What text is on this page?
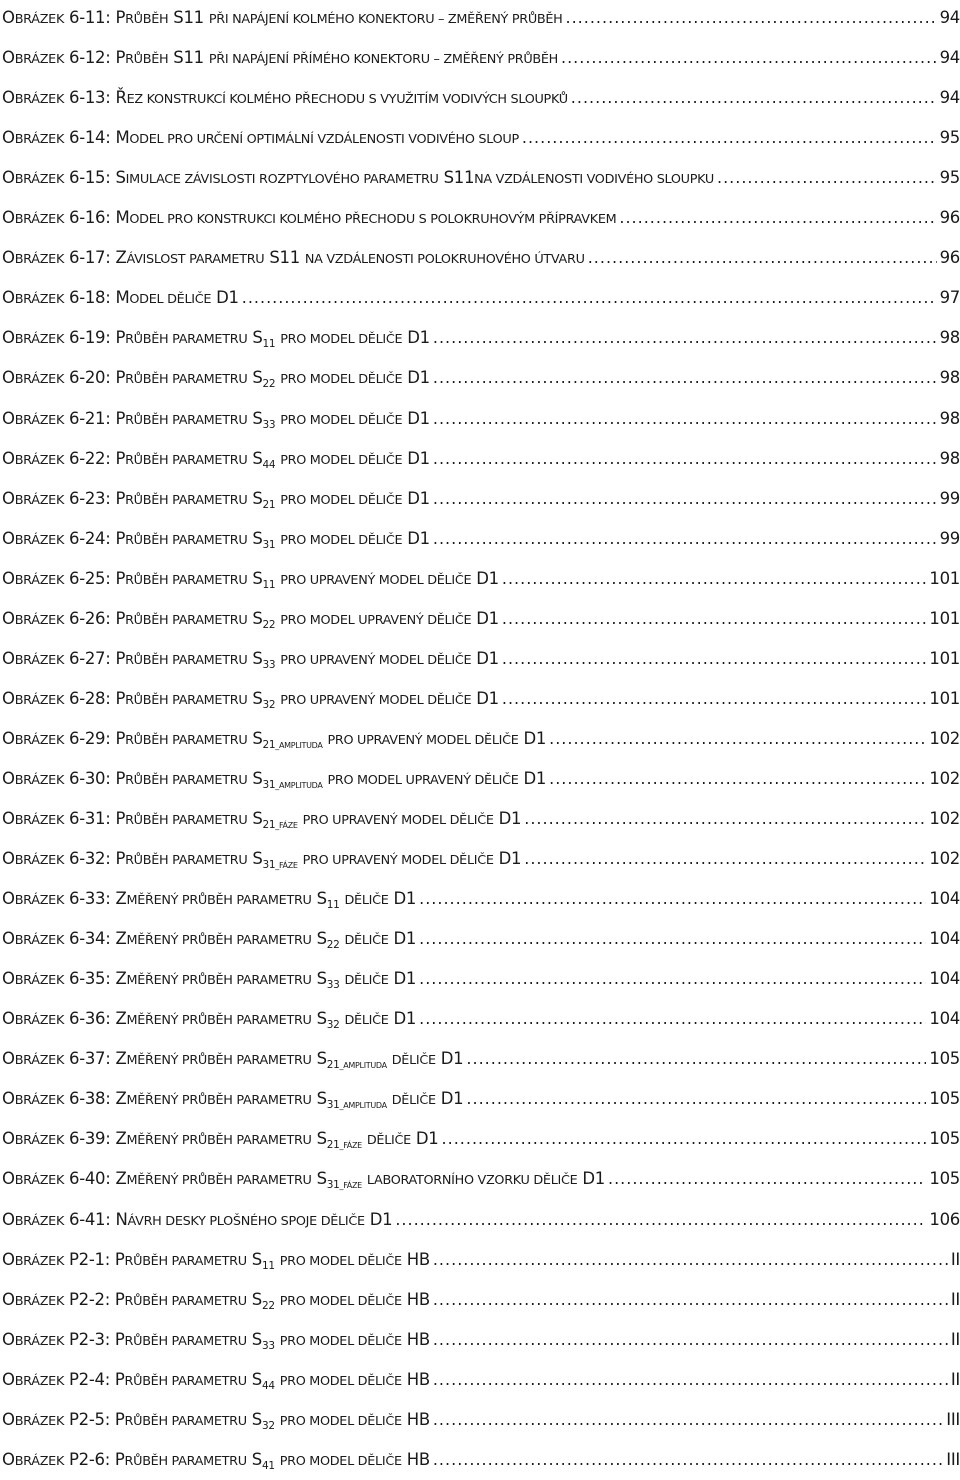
OBRÁZEK 6-11: PRŮBĚH S11 PŘI NAPÁJENÍ KOLMÉHO KONEKTORU – ZMĚŘENÝ PRŮBĚH .....	94
OBRÁZEK 6-12: PRŮBĚH S11 PŘI NAPÁJENÍ PŘÍMÉHO KONEKTORU – ZMĚŘENÝ PRŮBĚH .....	94
OBRÁZEK 6-13: ŘEZ KONSTRUKCÍ KOLMÉHO PŘECHODU S VYUŽITÍM VODIVÝCH SLOUPKŮ .....	94
OBRÁZEK 6-14: MODEL PRO URČENÍ OPTIMÁLNÍ VZDÁLENOSTI VODIVÉHO SLOUP .....	95
OBRÁZEK 6-15: SIMULACE ZÁVISLOSTI ROZPTYLOVÉHO PARAMETRU S11NA VZDÁLENOSTI VODIVÉHO SLOUPKU .....	95
OBRÁZEK 6-16: MODEL PRO KONSTRUKCI KOLMÉHO PŘECHODU S POLOKRUHOVÝM PŘÍPRAVKEM .....	96
OBRÁZEK 6-17: ZÁVISLOST PARAMETRU S11 NA VZDÁLENOSTI POLOKRUHOVÉHO ÚTVARU .....	96
OBRÁZEK 6-18: MODEL DĚLIČE D1 .....	97
OBRÁZEK 6-19: PRŮBĚH PARAMETRU $S_{11}$ PRO MODEL DĚLIČE D1 .....	98
OBRÁZEK 6-20: PRŮBĚH PARAMETRU $S_{22}$ PRO MODEL DĚLIČE D1 .....	98
OBRÁZEK 6-21: PRŮBĚH PARAMETRU $S_{33}$ PRO MODEL DĚLIČE D1 .....	98
OBRÁZEK 6-22: PRŮBĚH PARAMETRU $S_{44}$ PRO MODEL DĚLIČE D1 .....	98
OBRÁZEK 6-23: PRŮBĚH PARAMETRU $S_{21}$ PRO MODEL DĚLIČE D1 .....	99
OBRÁZEK 6-24: PRŮBĚH PARAMETRU $S_{31}$ PRO MODEL DĚLIČE D1 .....	99
OBRÁZEK 6-25: PRŮBĚH PARAMETRU $S_{11}$ PRO UPRAVENÝ MODEL DĚLIČE D1 .....	101
OBRÁZEK 6-26: PRŮBĚH PARAMETRU $S_{22}$ PRO MODEL UPRAVENÝ DĚLIČE D1 .....	101
OBRÁZEK 6-27: PRŮBĚH PARAMETRU $S_{33}$ PRO UPRAVENÝ MODEL DĚLIČE D1 .....	101
OBRÁZEK 6-28: PRŮBĚH PARAMETRU $S_{32}$ PRO UPRAVENÝ MODEL DĚLIČE D1 .....	101
OBRÁZEK 6-29: PRŮBĚH PARAMETRU $S_{21\_AMPLITUDA}$ PRO UPRAVENÝ MODEL DĚLIČE D1 .....	102
OBRÁZEK 6-30: PRŮBĚH PARAMETRU $S_{31\_AMPLITUDA}$ PRO MODEL UPRAVENÝ DĚLIČE D1 .....	102
OBRÁZEK 6-31: PRŮBĚH PARAMETRU $S_{21\_FÁZE}$ PRO UPRAVENÝ MODEL DĚLIČE D1 .....	102
OBRÁZEK 6-32: PRŮBĚH PARAMETRU $S_{31\_FÁZE}$ PRO UPRAVENÝ MODEL DĚLIČE D1 .....	102
OBRÁZEK 6-33: ZMĚŘENÝ PRŮBĚH PARAMETRU $S_{11}$ DĚLIČE D1 .....	104
OBRÁZEK 6-34: ZMĚŘENÝ PRŮBĚH PARAMETRU $S_{22}$ DĚLIČE D1 .....	104
OBRÁZEK 6-35: ZMĚŘENÝ PRŮBĚH PARAMETRU $S_{33}$ DĚLIČE D1 .....	104
OBRÁZEK 6-36: ZMĚŘENÝ PRŮBĚH PARAMETRU $S_{32}$ DĚLIČE D1 .....	104
OBRÁZEK 6-37: ZMĚŘENÝ PRŮBĚH PARAMETRU $S_{21\_AMPLITUDA}$ DĚLIČE D1 .....	105
OBRÁZEK 6-38: ZMĚŘENÝ PRŮBĚH PARAMETRU $S_{31\_AMPLITUDA}$ DĚLIČE D1 .....	105
OBRÁZEK 6-39: ZMĚŘENÝ PRŮBĚH PARAMETRU $S_{21\_FÁZE}$ DĚLIČE D1 .....	105
OBRÁZEK 6-40: ZMĚŘENÝ PRŮBĚH PARAMETRU $S_{31\_FÁZE}$ LABORATORNÍHO VZORKU DĚLIČE D1 .....	105
OBRÁZEK 6-41: NÁVRH DESKY PLOŠNÉHO SPOJE DĚLIČE D1 .....	106
OBRÁZEK P2-1: PRŮBĚH PARAMETRU $S_{11}$ PRO MODEL DĚLIČE HB .....	II
OBRÁZEK P2-2: PRŮBĚH PARAMETRU $S_{22}$ PRO MODEL DĚLIČE HB .....	II
OBRÁZEK P2-3: PRŮBĚH PARAMETRU $S_{33}$ PRO MODEL DĚLIČE HB .....	II
OBRÁZEK P2-4: PRŮBĚH PARAMETRU $S_{44}$ PRO MODEL DĚLIČE HB .....	II
OBRÁZEK P2-5: PRŮBĚH PARAMETRU $S_{32}$ PRO MODEL DĚLIČE HB .....	III
OBRÁZEK P2-6: PRŮBĚH PARAMETRU $S_{41}$ PRO MODEL DĚLIČE HB .....	III
